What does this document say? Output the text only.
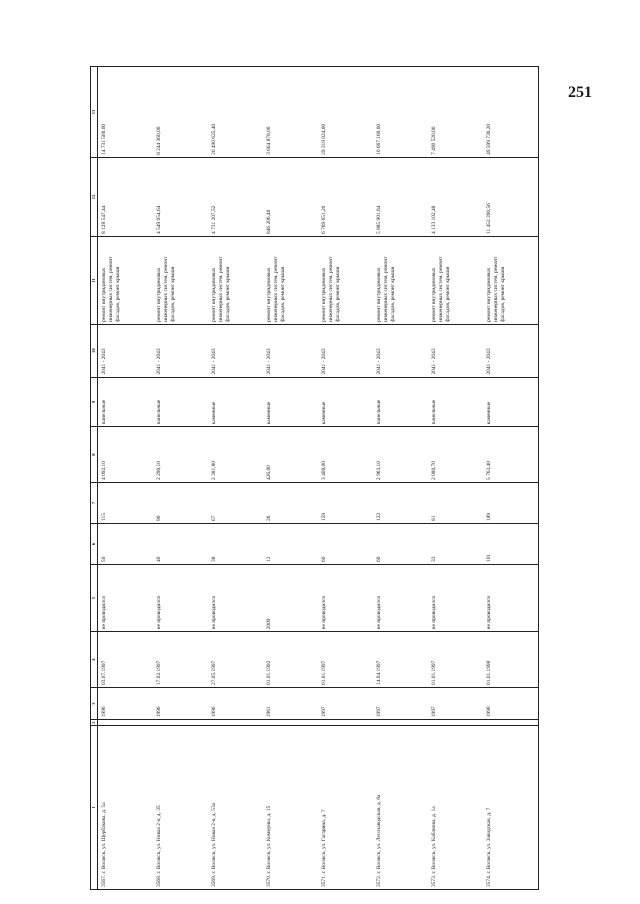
251
1	2	3	4	5	6	7	8	9	10	11	12	13
3567. г. Волжск, ул. Щербакова, д. 5а		1996	03.07.1997	не проводился	50	115	4 092,10	панельные	2041 - 2043	ремонт внутридомовых инженерных систем, ремонт фасадов, ремонт крыши	8 128 547,44	14 731 560,00
3568. г. Волжск, ул. Новая 2-я, д. 35		1996	17.02.1997	не проводился	40	90	2 290,10	панельные	2041 - 2043	ремонт внутридомовых инженерных систем, ремонт фасадов, ремонт крыши	4 549 054,64	8 244 360,00
3569. г. Волжск, ул. Новая 2-я, д. 53а		1996	27.05.1997	не проводился	38	67	2 381,80	каменные	2041 - 2043	ремонт внутридомовых инженерных систем, ремонт фасадов, ремонт крыши	4 731 207,52	20 490 625,40
3570. г. Волжск, ул. Коммуны, д. 15		1961	01.01.1992	2009	12	26	426,00	каменные	2041 - 2043	ремонт внутридомовых инженерных систем, ремонт фасадов, ремонт крыши	846 206,40	3 664 878,00
3571. г. Волжск, ул. Гагарина, д. 7		1997	01.01.1997	не проводился	60	159	3 408,00	каменные	2041 - 2043	ремонт внутридомовых инженерных систем, ремонт фасадов, ремонт крыши	6 769 651,20	29 319 024,00
3572. г. Волжск, ул. Лесозаводская, д. 6а		1997	14.04.1997	не проводился	60	123	2 963,10	панельные	2041 - 2043	ремонт внутридомовых инженерных систем, ремонт фасадов, ремонт крыши	5 885 901,84	10 667 160,00
3573. г. Волжск, ул. Кабанова, д. 1а		1997	01.01.1997	не проводился	33	81	2 080,70	панельные	2041 - 2043	ремонт внутридомовых инженерных систем, ремонт фасадов, ремонт крыши	4 133 102,48	7 490 520,00
3574. г. Волжск, ул. Заводская, д. 7		1998	01.01.1998	не проводился	101	189	5 763,40	каменные	2041 - 2043	ремонт внутридомовых инженерных систем, ремонт фасадов, ремонт крыши	11 452 390,56	49 599 736,20
